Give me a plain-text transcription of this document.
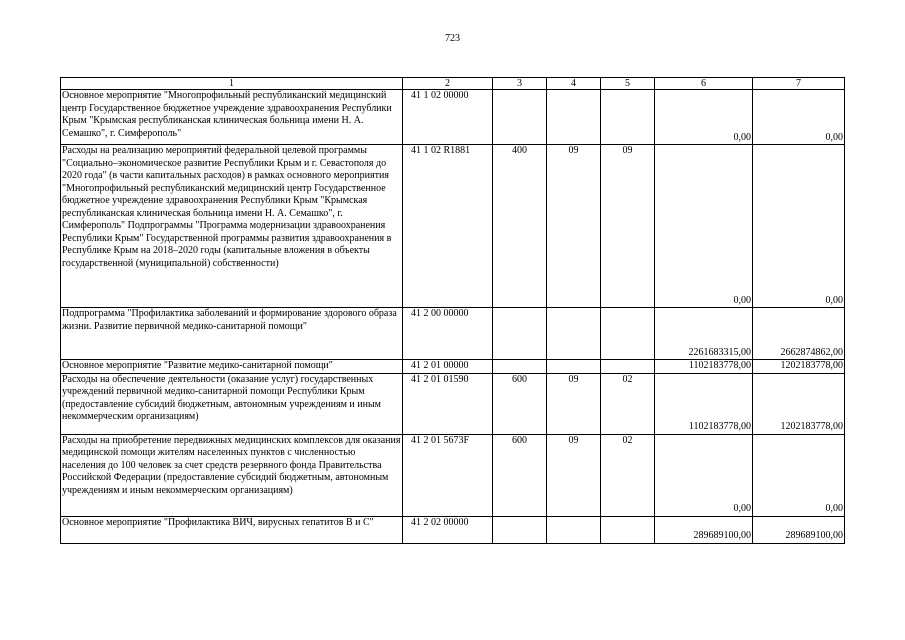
723
1	2	3	4	5	6	7
Основное мероприятие "Многопрофильный республиканский медицинский центр Государственное бюджетное учреждение здравоохранения Республики Крым "Крымская республиканская клиническая больница имени Н. А. Семашко", г. Симферополь"	41 1 02 00000				0,00	0,00
Расходы на реализацию мероприятий федеральной целевой программы "Социально–экономическое развитие Республики Крым и г. Севастополя до 2020 года" (в части капитальных расходов) в рамках основного мероприятия "Многопрофильный республиканский медицинский центр Государственное бюджетное учреждение здравоохранения Республики Крым "Крымская республиканская клиническая больница имени Н. А. Семашко", г. Симферополь" Подпрограммы "Программа модернизации здравоохранения Республики Крым" Государственной программы развития здравоохранения в Республике Крым на 2018–2020 годы (капитальные вложения в объекты государственной (муниципальной) собственности)	41 1 02 R1881	400	09	09	0,00	0,00
Подпрограмма "Профилактика заболеваний и формирование здорового образа жизни. Развитие первичной медико-санитарной помощи"	41 2 00 00000				2261683315,00	2662874862,00
Основное мероприятие "Развитие медико-санитарной помощи"	41 2 01 00000				1102183778,00	1202183778,00
Расходы на обеспечение деятельности (оказание услуг) государственных учреждений первичной медико-санитарной помощи Республики Крым (предоставление субсидий бюджетным, автономным учреждениям и иным некоммерческим организациям)	41 2 01 01590	600	09	02	1102183778,00	1202183778,00
Расходы на приобретение передвижных медицинских комплексов для оказания медицинской помощи жителям населенных пунктов с численностью населения до 100 человек за счет средств резервного фонда Правительства Российской Федерации (предоставление субсидий бюджетным, автономным учреждениям и иным некоммерческим организациям)	41 2 01 5673F	600	09	02	0,00	0,00
Основное мероприятие "Профилактика ВИЧ, вирусных гепатитов В и С"	41 2 02 00000				289689100,00	289689100,00
